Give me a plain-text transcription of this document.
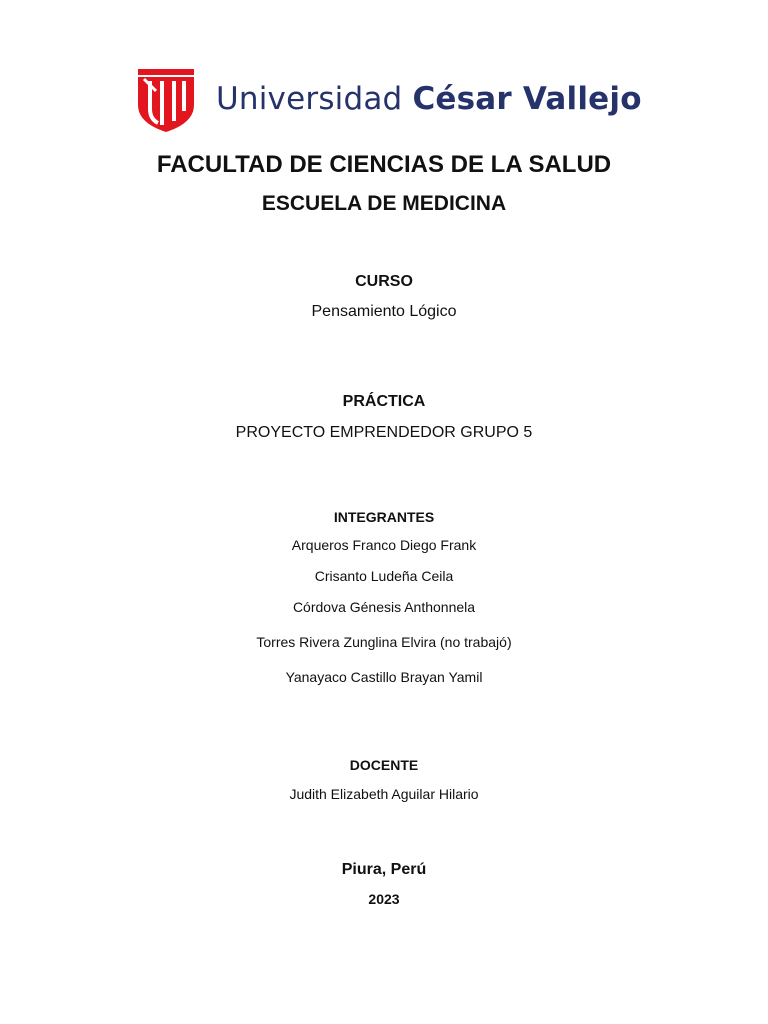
Universidad César Vallejo
FACULTAD DE CIENCIAS DE LA SALUD
ESCUELA DE MEDICINA
CURSO
Pensamiento Lógico
PRÁCTICA
PROYECTO EMPRENDEDOR GRUPO 5
INTEGRANTES
Arqueros Franco Diego Frank
Crisanto Ludeña Ceila
Córdova Génesis Anthonnela
Torres Rivera Zunglina Elvira (no trabajó)
Yanayaco Castillo Brayan Yamil
DOCENTE
Judith Elizabeth Aguilar Hilario
Piura, Perú
2023
